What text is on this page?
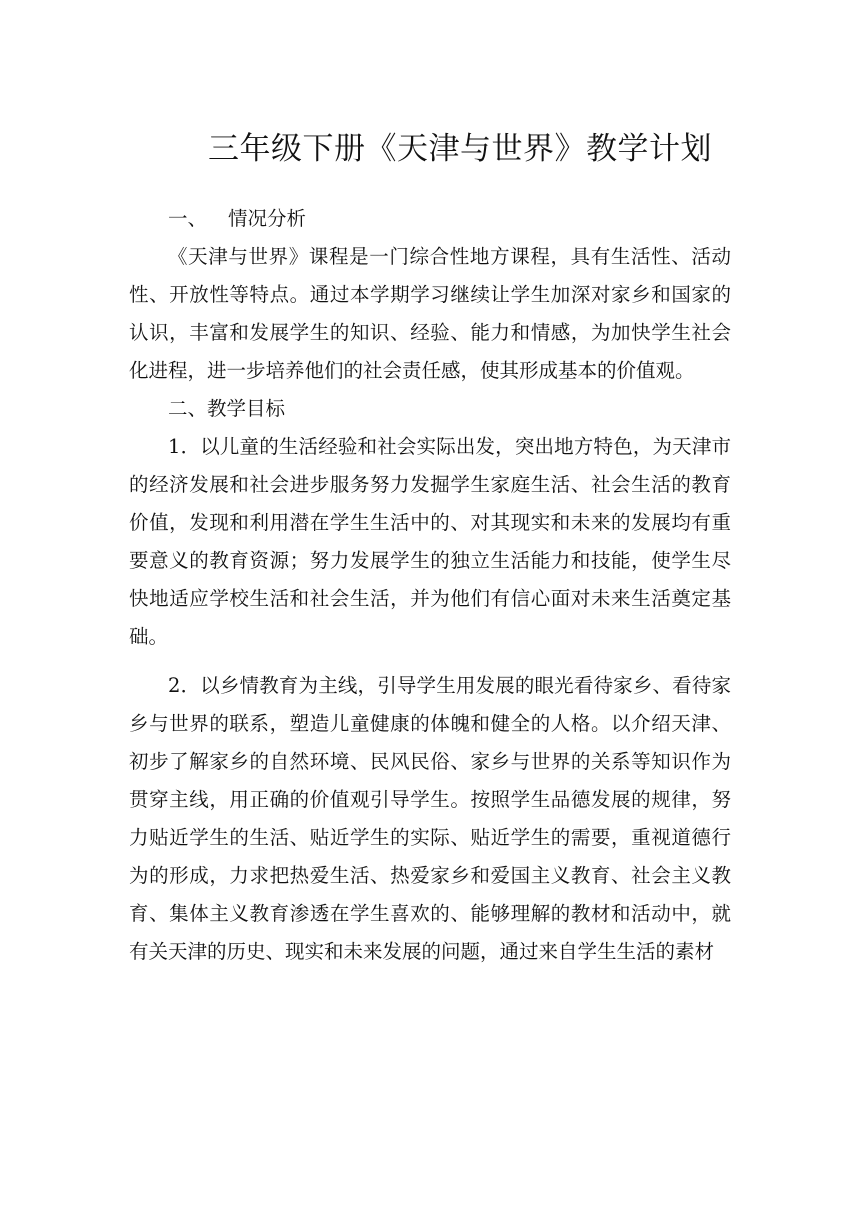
三年级下册《天津与世界》教学计划

一、 情况分析

《天津与世界》课程是一门综合性地方课程，具有生活性、活动性、开放性等特点。通过本学期学习继续让学生加深对家乡和国家的认识，丰富和发展学生的知识、经验、能力和情感，为加快学生社会化进程，进一步培养他们的社会责任感，使其形成基本的价值观。

二、教学目标

1．以儿童的生活经验和社会实际出发，突出地方特色，为天津市的经济发展和社会进步服务努力发掘学生家庭生活、社会生活的教育价值，发现和利用潜在学生生活中的、对其现实和未来的发展均有重要意义的教育资源；努力发展学生的独立生活能力和技能，使学生尽快地适应学校生活和社会生活，并为他们有信心面对未来生活奠定基础。

2．以乡情教育为主线，引导学生用发展的眼光看待家乡、看待家乡与世界的联系，塑造儿童健康的体魄和健全的人格。以介绍天津、初步了解家乡的自然环境、民风民俗、家乡与世界的关系等知识作为贯穿主线，用正确的价值观引导学生。按照学生品德发展的规律，努力贴近学生的生活、贴近学生的实际、贴近学生的需要，重视道德行为的形成，力求把热爱生活、热爱家乡和爱国主义教育、社会主义教育、集体主义教育渗透在学生喜欢的、能够理解的教材和活动中，就有关天津的历史、现实和未来发展的问题，通过来自学生生活的素材
